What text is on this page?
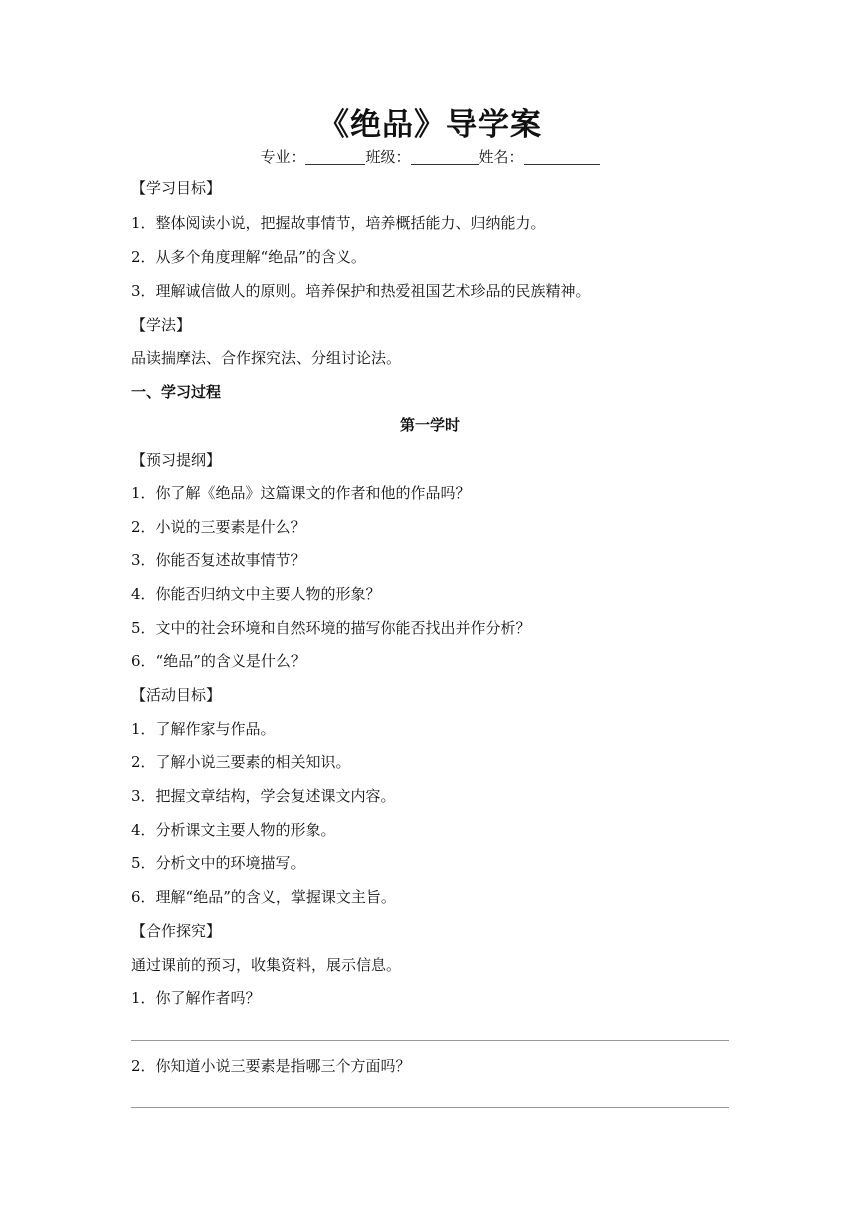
《绝品》导学案
专业：	班级：	姓名：
【学习目标】
1．整体阅读小说，把握故事情节，培养概括能力、归纳能力。
2．从多个角度理解“绝品”的含义。
3．理解诚信做人的原则。培养保护和热爱祖国艺术珍品的民族精神。
【学法】
品读揣摩法、合作探究法、分组讨论法。
一、学习过程
第一学时
【预习提纲】
1．你了解《绝品》这篇课文的作者和他的作品吗？
2．小说的三要素是什么？
3．你能否复述故事情节？
4．你能否归纳文中主要人物的形象？
5．文中的社会环境和自然环境的描写你能否找出并作分析？
6．“绝品”的含义是什么？
【活动目标】
1．了解作家与作品。
2．了解小说三要素的相关知识。
3．把握文章结构，学会复述课文内容。
4．分析课文主要人物的形象。
5．分析文中的环境描写。
6．理解“绝品”的含义，掌握课文主旨。
【合作探究】
通过课前的预习，收集资料，展示信息。
1．你了解作者吗？
2．你知道小说三要素是指哪三个方面吗？
